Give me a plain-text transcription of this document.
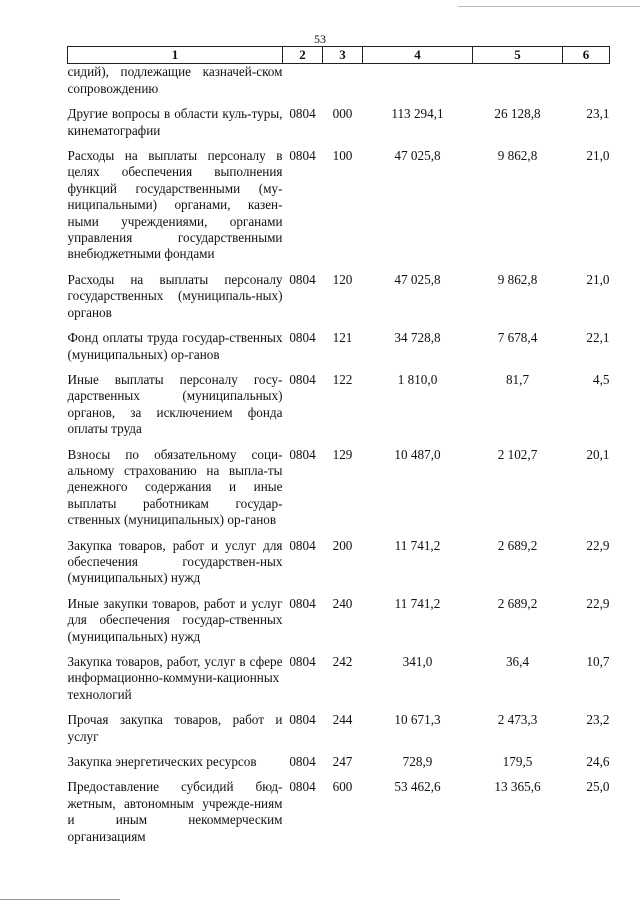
53
1	2	3	4	5	6
сидий), подлежащие казначей-ском сопровождению					
Другие вопросы в области куль-туры, кинематографии	0804	000	113 294,1	26 128,8	23,1
Расходы на выплаты персоналу в целях обеспечения выполнения функций государственными (му-ниципальными) органами, казен-ными учреждениями, органами управления государственными внебюджетными фондами	0804	100	47 025,8	9 862,8	21,0
Расходы на выплаты персоналу государственных (муниципаль-ных) органов	0804	120	47 025,8	9 862,8	21,0
Фонд оплаты труда государ-ственных (муниципальных) ор-ганов	0804	121	34 728,8	7 678,4	22,1
Иные выплаты персоналу госу-дарственных (муниципальных) органов, за исключением фонда оплаты труда	0804	122	1 810,0	81,7	4,5
Взносы по обязательному соци-альному страхованию на выпла-ты денежного содержания и иные выплаты работникам государ-ственных (муниципальных) ор-ганов	0804	129	10 487,0	2 102,7	20,1
Закупка товаров, работ и услуг для обеспечения государствен-ных (муниципальных) нужд	0804	200	11 741,2	2 689,2	22,9
Иные закупки товаров, работ и услуг для обеспечения государ-ственных (муниципальных) нужд	0804	240	11 741,2	2 689,2	22,9
Закупка товаров, работ, услуг в сфере информационно-коммуни-кационных технологий	0804	242	341,0	36,4	10,7
Прочая закупка товаров, работ и услуг	0804	244	10 671,3	2 473,3	23,2
Закупка энергетических ресурсов	0804	247	728,9	179,5	24,6
Предоставление субсидий бюд-жетным, автономным учрежде-ниям и иным некоммерческим организациям	0804	600	53 462,6	13 365,6	25,0
